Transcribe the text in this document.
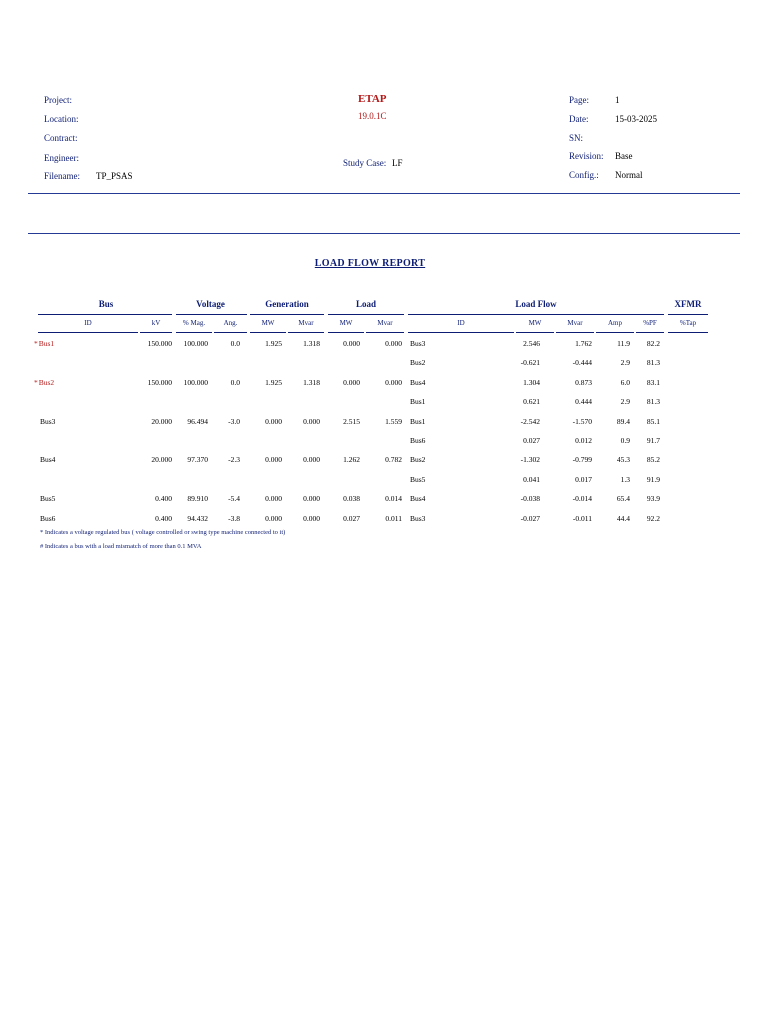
Project:
Location:
Contract:
Engineer:
Filename: TP_PSAS
ETAP
19.0.1C
Study Case: LF
Page:
Date:
SN:
Revision:
Config.:
1
15-03-2025
Base
Normal
LOAD FLOW REPORT
Bus	Voltage	Generation	Load	Load Flow	XFMR
ID	kV	% Mag.	Ang.	MW	Mvar	MW	Mvar	ID	MW	Mvar	Amp	%PF	%Tap
*Bus1	150.000	100.000	0.0	1.925	1.318	0.000	0.000 Bus3	2.546	1.762	11.9	82.2
Bus2	-0.621	-0.444	2.9	81.3
*Bus2	150.000	100.000	0.0	1.925	1.318	0.000	0.000 Bus4	1.304	0.873	6.0	83.1
Bus1	0.621	0.444	2.9	81.3
Bus3	20.000	96.494	-3.0	0.000	0.000	2.515	1.559 Bus1	-2.542	-1.570	89.4	85.1
Bus6	0.027	0.012	0.9	91.7
Bus4	20.000	97.370	-2.3	0.000	0.000	1.262	0.782 Bus2	-1.302	-0.799	45.3	85.2
Bus5	0.041	0.017	1.3	91.9
Bus5	0.400	89.910	-5.4	0.000	0.000	0.038	0.014 Bus4	-0.038	-0.014	65.4	93.9
Bus6	0.400	94.432	-3.8	0.000	0.000	0.027	0.011 Bus3	-0.027	-0.011	44.4	92.2
* Indicates a voltage regulated bus ( voltage controlled or swing type machine connected to it)
# Indicates a bus with a load mismatch of more than 0.1 MVA
